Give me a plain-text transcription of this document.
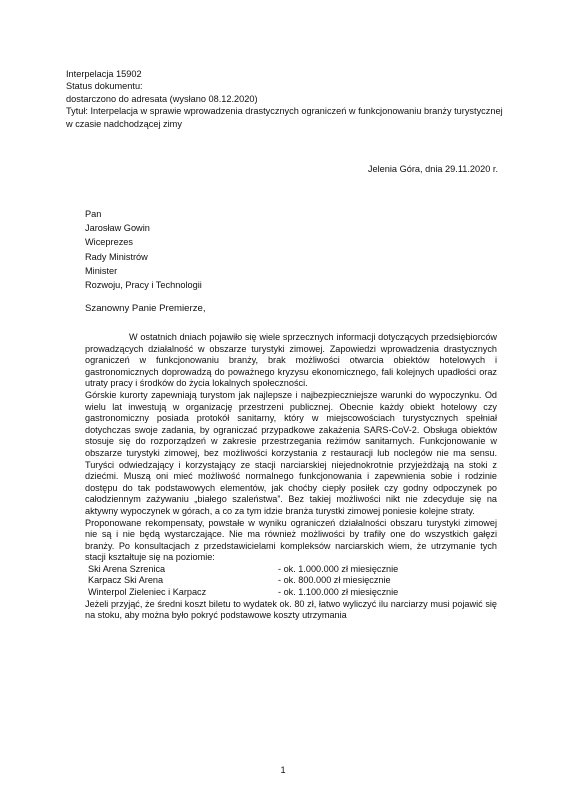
Interpelacja 15902
Status dokumentu:
dostarczono do adresata (wysłano 08.12.2020)
Tytuł: Interpelacja w sprawie wprowadzenia drastycznych ograniczeń w funkcjonowaniu branży turystycznej w czasie nadchodzącej zimy
Jelenia Góra, dnia 29.11.2020 r.
Pan
Jarosław Gowin
Wiceprezes
Rady Ministrów
Minister
Rozwoju, Pracy i Technologii
Szanowny Panie Premierze,

W ostatnich dniach pojawiło się wiele sprzecznych informacji dotyczących przedsiębiorców prowadzących działalność w obszarze turystyki zimowej. Zapowiedzi wprowadzenia drastycznych ograniczeń w funkcjonowaniu branży, brak możliwości otwarcia obiektów hotelowych i gastronomicznych doprowadzą do poważnego kryzysu ekonomicznego, fali kolejnych upadłości oraz utraty pracy i środków do życia lokalnych społeczności.

Górskie kurorty zapewniają turystom jak najlepsze i najbezpieczniejsze warunki do wypoczynku. Od wielu lat inwestują w organizację przestrzeni publicznej. Obecnie każdy obiekt hotelowy czy gastronomiczny posiada protokół sanitarny, który w miejscowościach turystycznych spełniał dotychczas swoje zadania, by ograniczać przypadkowe zakażenia SARS-CoV-2. Obsługa obiektów stosuje się do rozporządzeń w zakresie przestrzegania reżimów sanitarnych. Funkcjonowanie w obszarze turystyki zimowej, bez możliwości korzystania z restauracji lub noclegów nie ma sensu. Turyści odwiedzający i korzystający ze stacji narciarskiej niejednokrotnie przyjeżdżają na stoki z dziećmi. Muszą oni mieć możliwość normalnego funkcjonowania i zapewnienia sobie i rodzinie dostępu do tak podstawowych elementów, jak choćby ciepły posiłek czy godny odpoczynek po całodziennym zażywaniu „białego szaleństwa”. Bez takiej możliwości nikt nie zdecyduje się na aktywny wypoczynek w górach, a co za tym idzie branża turystki zimowej poniesie kolejne straty.

Proponowane rekompensaty, powstałe w wyniku ograniczeń działalności obszaru turystyki zimowej nie są i nie będą wystarczające. Nie ma również możliwości by trafiły one do wszystkich gałęzi branży. Po konsultacjach z przedstawicielami kompleksów narciarskich wiem, że utrzymanie tych stacji kształtuje się na poziomie:

Ski Arena Szrenica	- ok. 1.000.000 zł miesięcznie
Karpacz Ski Arena	- ok. 800.000 zł miesięcznie
Winterpol Zieleniec i Karpacz	- ok. 1.100.000 zł miesięcznie

Jeżeli przyjąć, że średni koszt biletu to wydatek ok. 80 zł, łatwo wyliczyć ilu narciarzy musi pojawić się na stoku, aby można było pokryć podstawowe koszty utrzymania

1
